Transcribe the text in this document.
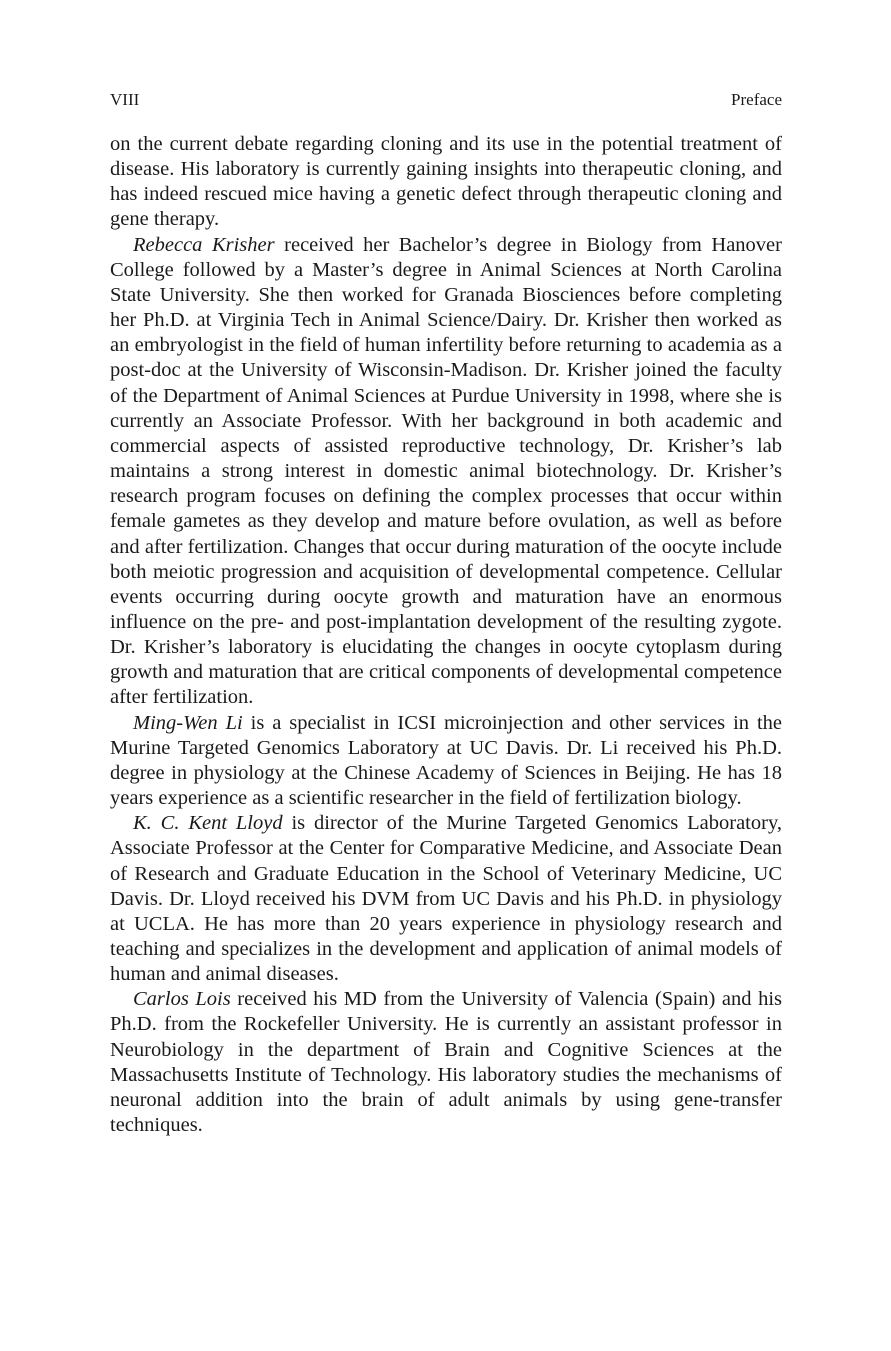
VIII	Preface

on the current debate regarding cloning and its use in the potential treatment of disease. His laboratory is currently gaining insights into therapeutic cloning, and has indeed rescued mice having a genetic defect through therapeutic cloning and gene therapy.

Rebecca Krisher received her Bachelor’s degree in Biology from Hanover College followed by a Master’s degree in Animal Sciences at North Carolina State University. She then worked for Granada Biosciences before completing her Ph.D. at Virginia Tech in Animal Science/Dairy. Dr. Krisher then worked as an embryologist in the field of human infertility before returning to academia as a post-doc at the University of Wisconsin-Madison. Dr. Krisher joined the faculty of the Department of Animal Sciences at Purdue University in 1998, where she is currently an Associate Professor. With her background in both academic and commercial aspects of assisted reproductive technology, Dr. Krisher’s lab maintains a strong interest in domestic animal biotechnology. Dr. Krisher’s research program focuses on defining the complex processes that occur within female gametes as they develop and mature before ovulation, as well as before and after fertilization. Changes that occur during maturation of the oocyte include both meiotic progression and acquisition of developmental competence. Cellular events occurring during oocyte growth and maturation have an enormous influence on the pre- and post-implantation development of the resulting zygote. Dr. Krisher’s laboratory is elucidating the changes in oocyte cytoplasm during growth and maturation that are critical components of developmental competence after fertilization.

Ming-Wen Li is a specialist in ICSI microinjection and other services in the Murine Targeted Genomics Laboratory at UC Davis. Dr. Li received his Ph.D. degree in physiology at the Chinese Academy of Sciences in Beijing. He has 18 years experience as a scientific researcher in the field of fertilization biology.

K. C. Kent Lloyd is director of the Murine Targeted Genomics Laboratory, Associate Professor at the Center for Comparative Medicine, and Associate Dean of Research and Graduate Education in the School of Veterinary Medicine, UC Davis. Dr. Lloyd received his DVM from UC Davis and his Ph.D. in physiology at UCLA. He has more than 20 years experience in physiology research and teaching and specializes in the development and application of animal models of human and animal diseases.

Carlos Lois received his MD from the University of Valencia (Spain) and his Ph.D. from the Rockefeller University. He is currently an assistant professor in Neurobiology in the department of Brain and Cognitive Sciences at the Massachusetts Institute of Technology. His laboratory studies the mechanisms of neuronal addition into the brain of adult animals by using gene-transfer techniques.
